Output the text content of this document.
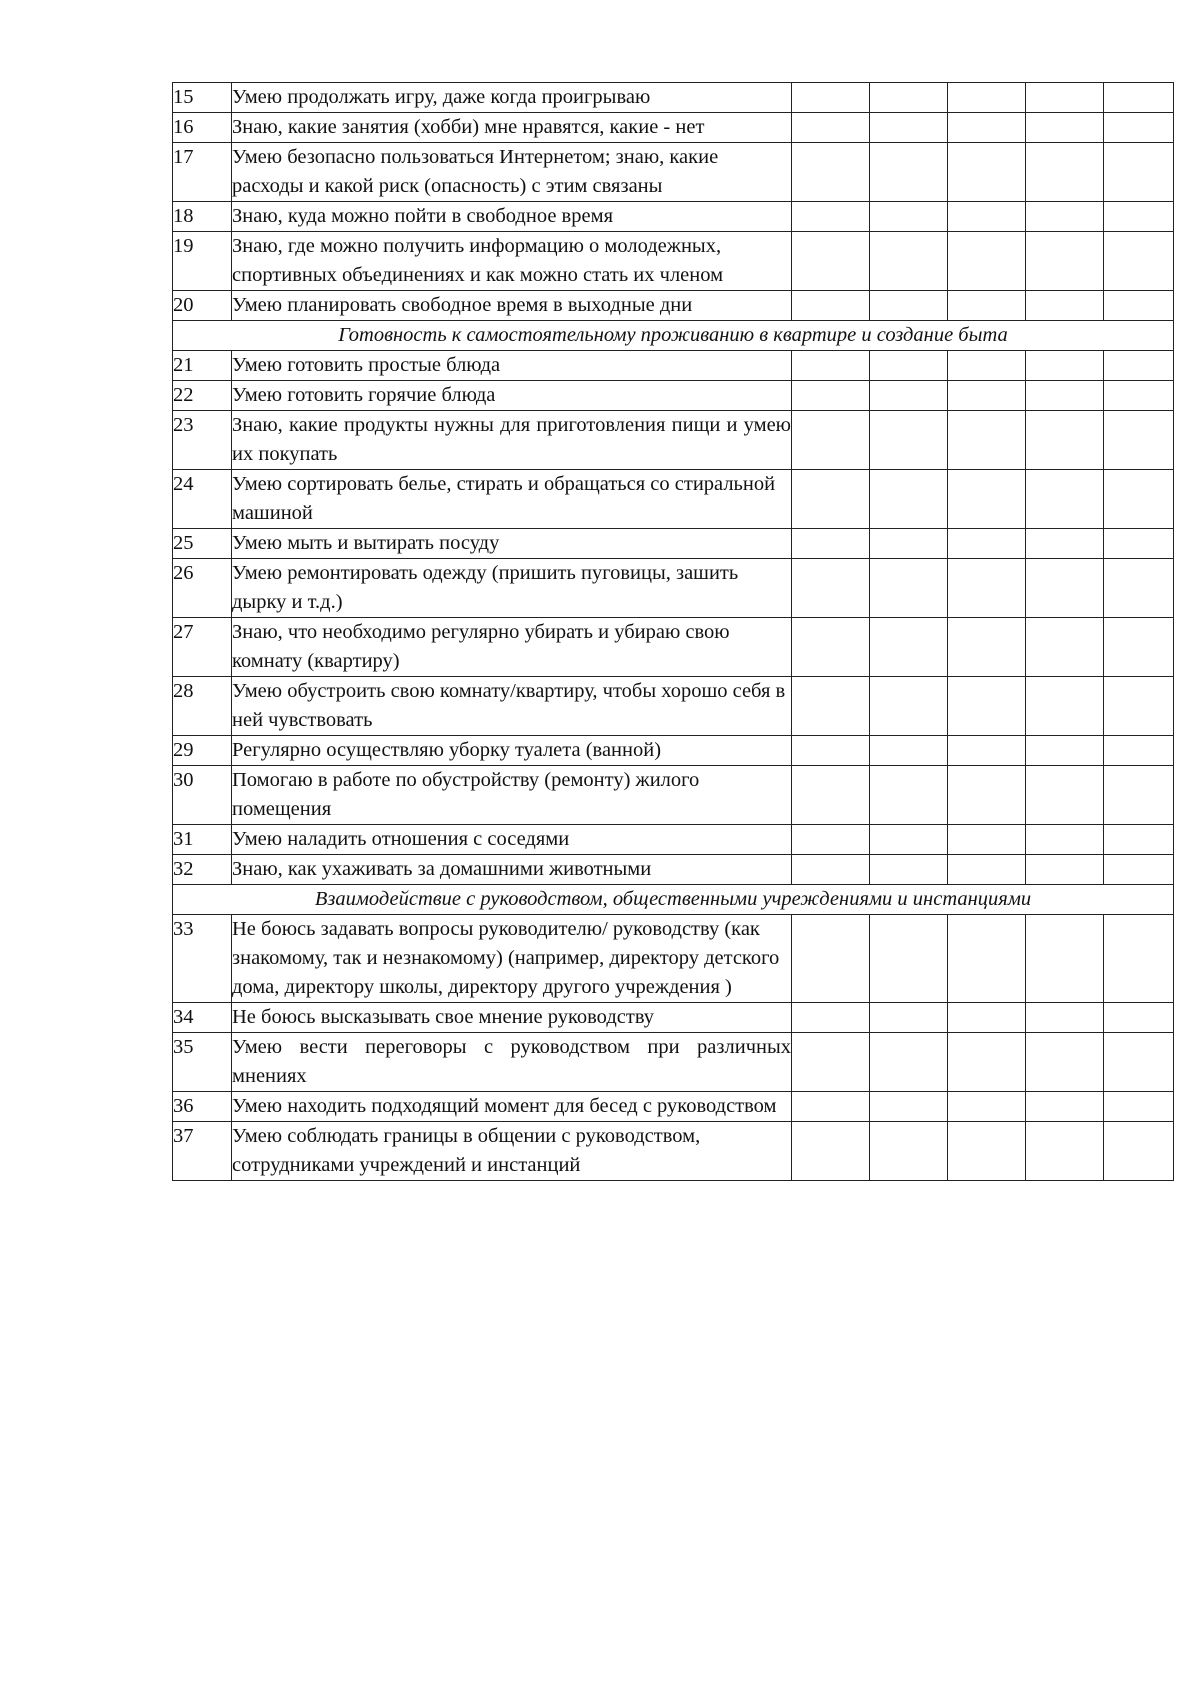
15	Умею продолжать игру, даже когда проигрываю					
16	Знаю, какие занятия (хобби) мне нравятся, какие - нет					
17	Умею безопасно пользоваться Интернетом; знаю, какие расходы и какой риск (опасность) с этим связаны					
18	Знаю, куда можно пойти в свободное время					
19	Знаю, где можно получить информацию о молодежных, спортивных объединениях и как можно стать их членом					
20	Умею планировать свободное время в выходные дни					
Готовность к самостоятельному проживанию в квартире и создание быта						
21	Умею готовить простые блюда					
22	Умею готовить горячие блюда					
23	Знаю, какие продукты нужны для приготовления пищи и умею их покупать					
24	Умею сортировать белье, стирать и обращаться со стиральной машиной					
25	Умею мыть и вытирать посуду					
26	Умею ремонтировать одежду (пришить пуговицы, зашить дырку и т.д.)					
27	Знаю, что необходимо регулярно убирать и убираю свою комнату (квартиру)					
28	Умею обустроить свою комнату/квартиру, чтобы хорошо себя в ней чувствовать					
29	Регулярно осуществляю уборку туалета (ванной)					
30	Помогаю в работе по обустройству (ремонту) жилого помещения					
31	Умею наладить отношения с соседями					
32	Знаю, как ухаживать за домашними животными					
Взаимодействие с руководством, общественными учреждениями и инстанциями						
33	Не боюсь задавать вопросы руководителю/ руководству (как знакомому, так и незнакомому) (например, директору детского дома, директору школы, директору другого учреждения )					
34	Не боюсь высказывать свое мнение руководству					
35	Умею вести переговоры с руководством при различных мнениях					
36	Умею находить подходящий момент для бесед с руководством					
37	Умею соблюдать границы в общении с руководством, сотрудниками учреждений и инстанций					
